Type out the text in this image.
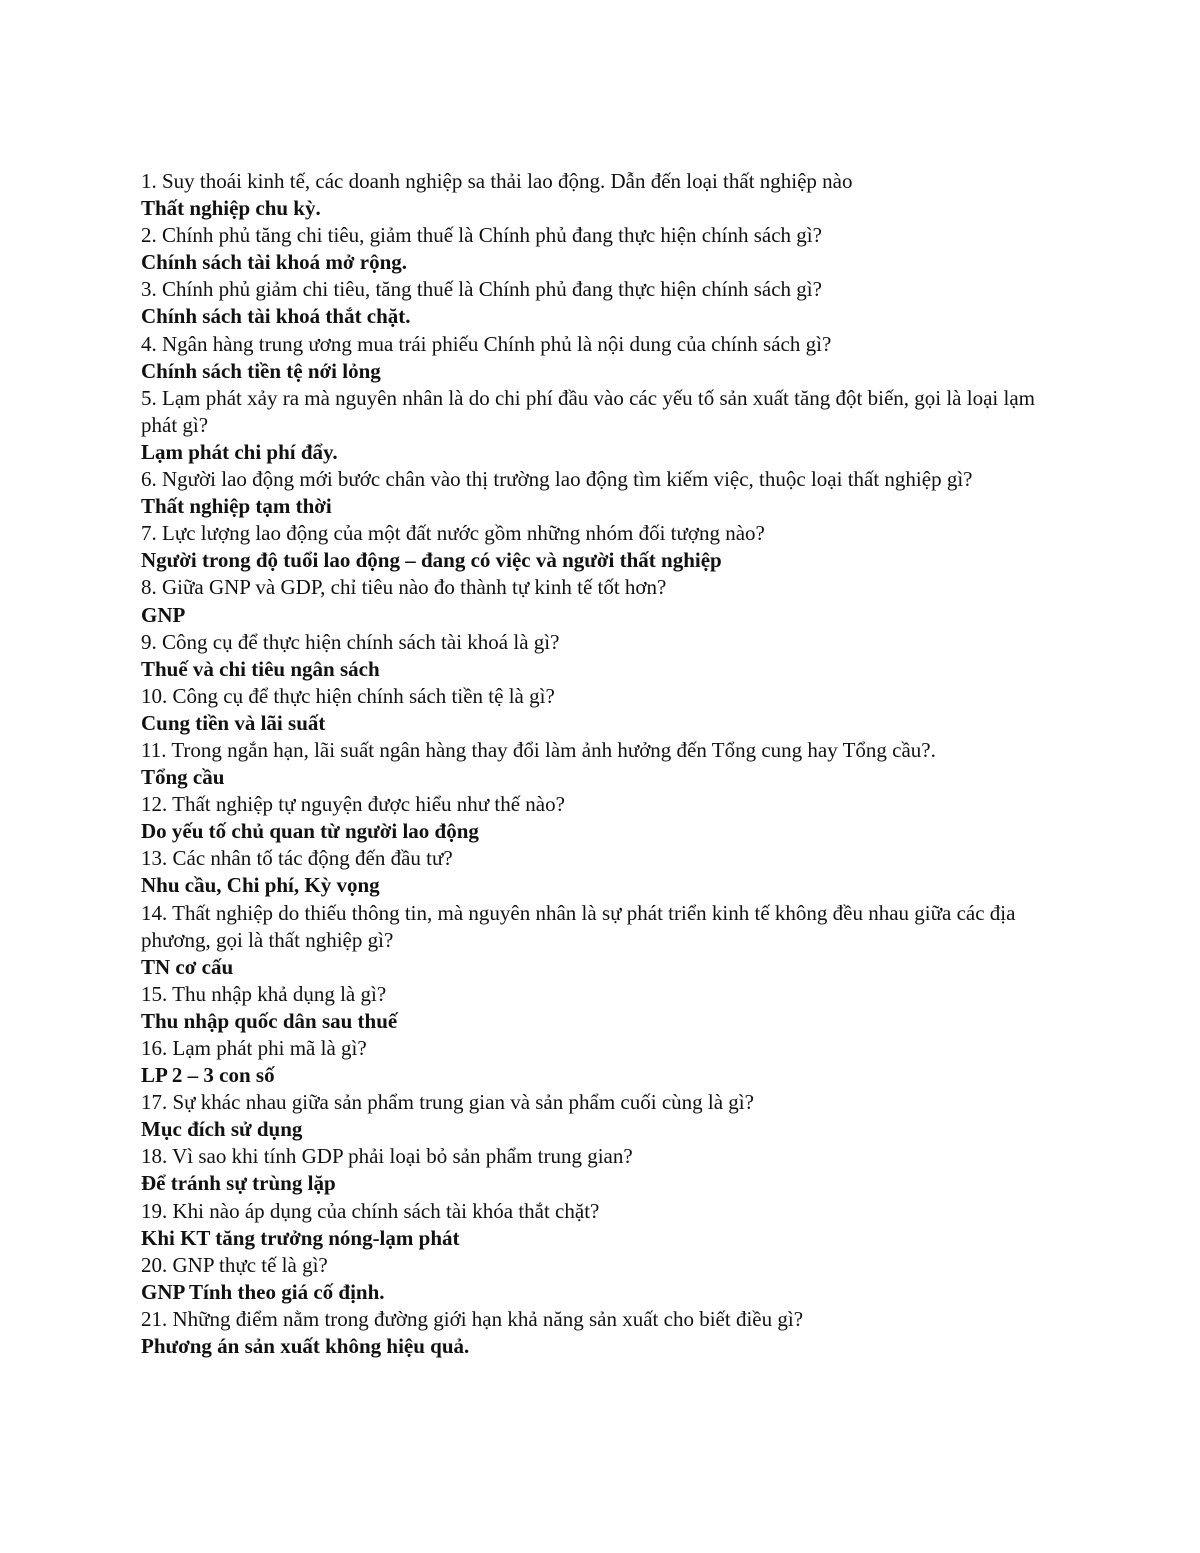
1. Suy thoái kinh tế, các doanh nghiệp sa thải lao động. Dẫn đến loại thất nghiệp nào

Thất nghiệp chu kỳ.

2. Chính phủ tăng chi tiêu, giảm thuế là Chính phủ đang thực hiện chính sách gì?

Chính sách tài khoá mở rộng.

3. Chính phủ giảm chi tiêu, tăng thuế là Chính phủ đang thực hiện chính sách gì?

Chính sách tài khoá thắt chặt.

4. Ngân hàng trung ương mua trái phiếu Chính phủ là nội dung của chính sách gì?

Chính sách tiền tệ nới lỏng

5. Lạm phát xảy ra mà nguyên nhân là do chi phí đầu vào các yếu tố sản xuất tăng đột biến, gọi là loại lạm phát gì?

Lạm phát chi phí đẩy.

6. Người lao động mới bước chân vào thị trường lao động tìm kiếm việc, thuộc loại thất nghiệp gì?

Thất nghiệp tạm thời

7. Lực lượng lao động của một đất nước gồm những nhóm đối tượng nào?

Người trong độ tuổi lao động – đang có việc và người thất nghiệp

8. Giữa GNP và GDP, chỉ tiêu nào đo thành tự kinh tế tốt hơn?

GNP

9. Công cụ để thực hiện chính sách tài khoá là gì?

Thuế và chi tiêu ngân sách

10. Công cụ để thực hiện chính sách tiền tệ là gì?

Cung tiền và lãi suất

11. Trong ngắn hạn, lãi suất ngân hàng thay đổi làm ảnh hưởng đến Tổng cung hay Tổng cầu?.

Tổng cầu

12. Thất nghiệp tự nguyện được hiểu như thế nào?

Do yếu tố chủ quan từ người lao động

13. Các nhân tố tác động đến đầu tư?

Nhu cầu, Chi phí, Kỳ vọng

14. Thất nghiệp do thiếu thông tin, mà nguyên nhân là sự phát triển kinh tế không đều nhau giữa các địa phương, gọi là thất nghiệp gì?

TN cơ cấu

15. Thu nhập khả dụng là gì?

Thu nhập quốc dân sau thuế

16. Lạm phát phi mã là gì?

LP 2 – 3 con số

17. Sự khác nhau giữa sản phẩm trung gian và sản phẩm cuối cùng là gì?

Mục đích sử dụng

18. Vì sao khi tính GDP phải loại bỏ sản phẩm trung gian?

Để tránh sự trùng lặp

19. Khi nào áp dụng của chính sách tài khóa thắt chặt?

Khi KT tăng trưởng nóng-lạm phát

20. GNP thực tế là gì?

GNP Tính theo giá cố định.

21. Những điểm nằm trong đường giới hạn khả năng sản xuất cho biết điều gì?

Phương án sản xuất không hiệu quả.
